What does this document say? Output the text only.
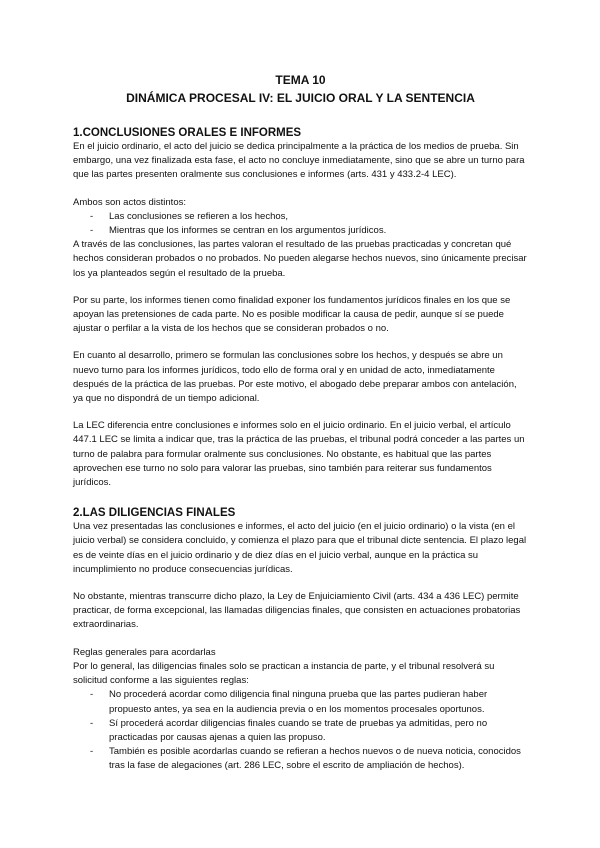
TEMA 10
DINÁMICA PROCESAL IV: EL JUICIO ORAL Y LA SENTENCIA
1.CONCLUSIONES ORALES E INFORMES

En el juicio ordinario, el acto del juicio se dedica principalmente a la práctica de los medios de prueba. Sin embargo, una vez finalizada esta fase, el acto no concluye inmediatamente, sino que se abre un turno para que las partes presenten oralmente sus conclusiones e informes (arts. 431 y 433.2-4 LEC).

Ambos son actos distintos:

- Las conclusiones se refieren a los hechos,
- Mientras que los informes se centran en los argumentos jurídicos.

A través de las conclusiones, las partes valoran el resultado de las pruebas practicadas y concretan qué hechos consideran probados o no probados. No pueden alegarse hechos nuevos, sino únicamente precisar los ya planteados según el resultado de la prueba.

Por su parte, los informes tienen como finalidad exponer los fundamentos jurídicos finales en los que se apoyan las pretensiones de cada parte. No es posible modificar la causa de pedir, aunque sí se puede ajustar o perfilar a la vista de los hechos que se consideran probados o no.

En cuanto al desarrollo, primero se formulan las conclusiones sobre los hechos, y después se abre un nuevo turno para los informes jurídicos, todo ello de forma oral y en unidad de acto, inmediatamente después de la práctica de las pruebas. Por este motivo, el abogado debe preparar ambos con antelación, ya que no dispondrá de un tiempo adicional.

La LEC diferencia entre conclusiones e informes solo en el juicio ordinario. En el juicio verbal, el artículo 447.1 LEC se limita a indicar que, tras la práctica de las pruebas, el tribunal podrá conceder a las partes un turno de palabra para formular oralmente sus conclusiones. No obstante, es habitual que las partes aprovechen ese turno no solo para valorar las pruebas, sino también para reiterar sus fundamentos jurídicos.

2.LAS DILIGENCIAS FINALES

Una vez presentadas las conclusiones e informes, el acto del juicio (en el juicio ordinario) o la vista (en el juicio verbal) se considera concluido, y comienza el plazo para que el tribunal dicte sentencia. El plazo legal es de veinte días en el juicio ordinario y de diez días en el juicio verbal, aunque en la práctica su incumplimiento no produce consecuencias jurídicas.

No obstante, mientras transcurre dicho plazo, la Ley de Enjuiciamiento Civil (arts. 434 a 436 LEC) permite practicar, de forma excepcional, las llamadas diligencias finales, que consisten en actuaciones probatorias extraordinarias.

Reglas generales para acordarlas

Por lo general, las diligencias finales solo se practican a instancia de parte, y el tribunal resolverá su solicitud conforme a las siguientes reglas:

- No procederá acordar como diligencia final ninguna prueba que las partes pudieran haber propuesto antes, ya sea en la audiencia previa o en los momentos procesales oportunos.
- Sí procederá acordar diligencias finales cuando se trate de pruebas ya admitidas, pero no practicadas por causas ajenas a quien las propuso.
- También es posible acordarlas cuando se refieran a hechos nuevos o de nueva noticia, conocidos tras la fase de alegaciones (art. 286 LEC, sobre el escrito de ampliación de hechos).
